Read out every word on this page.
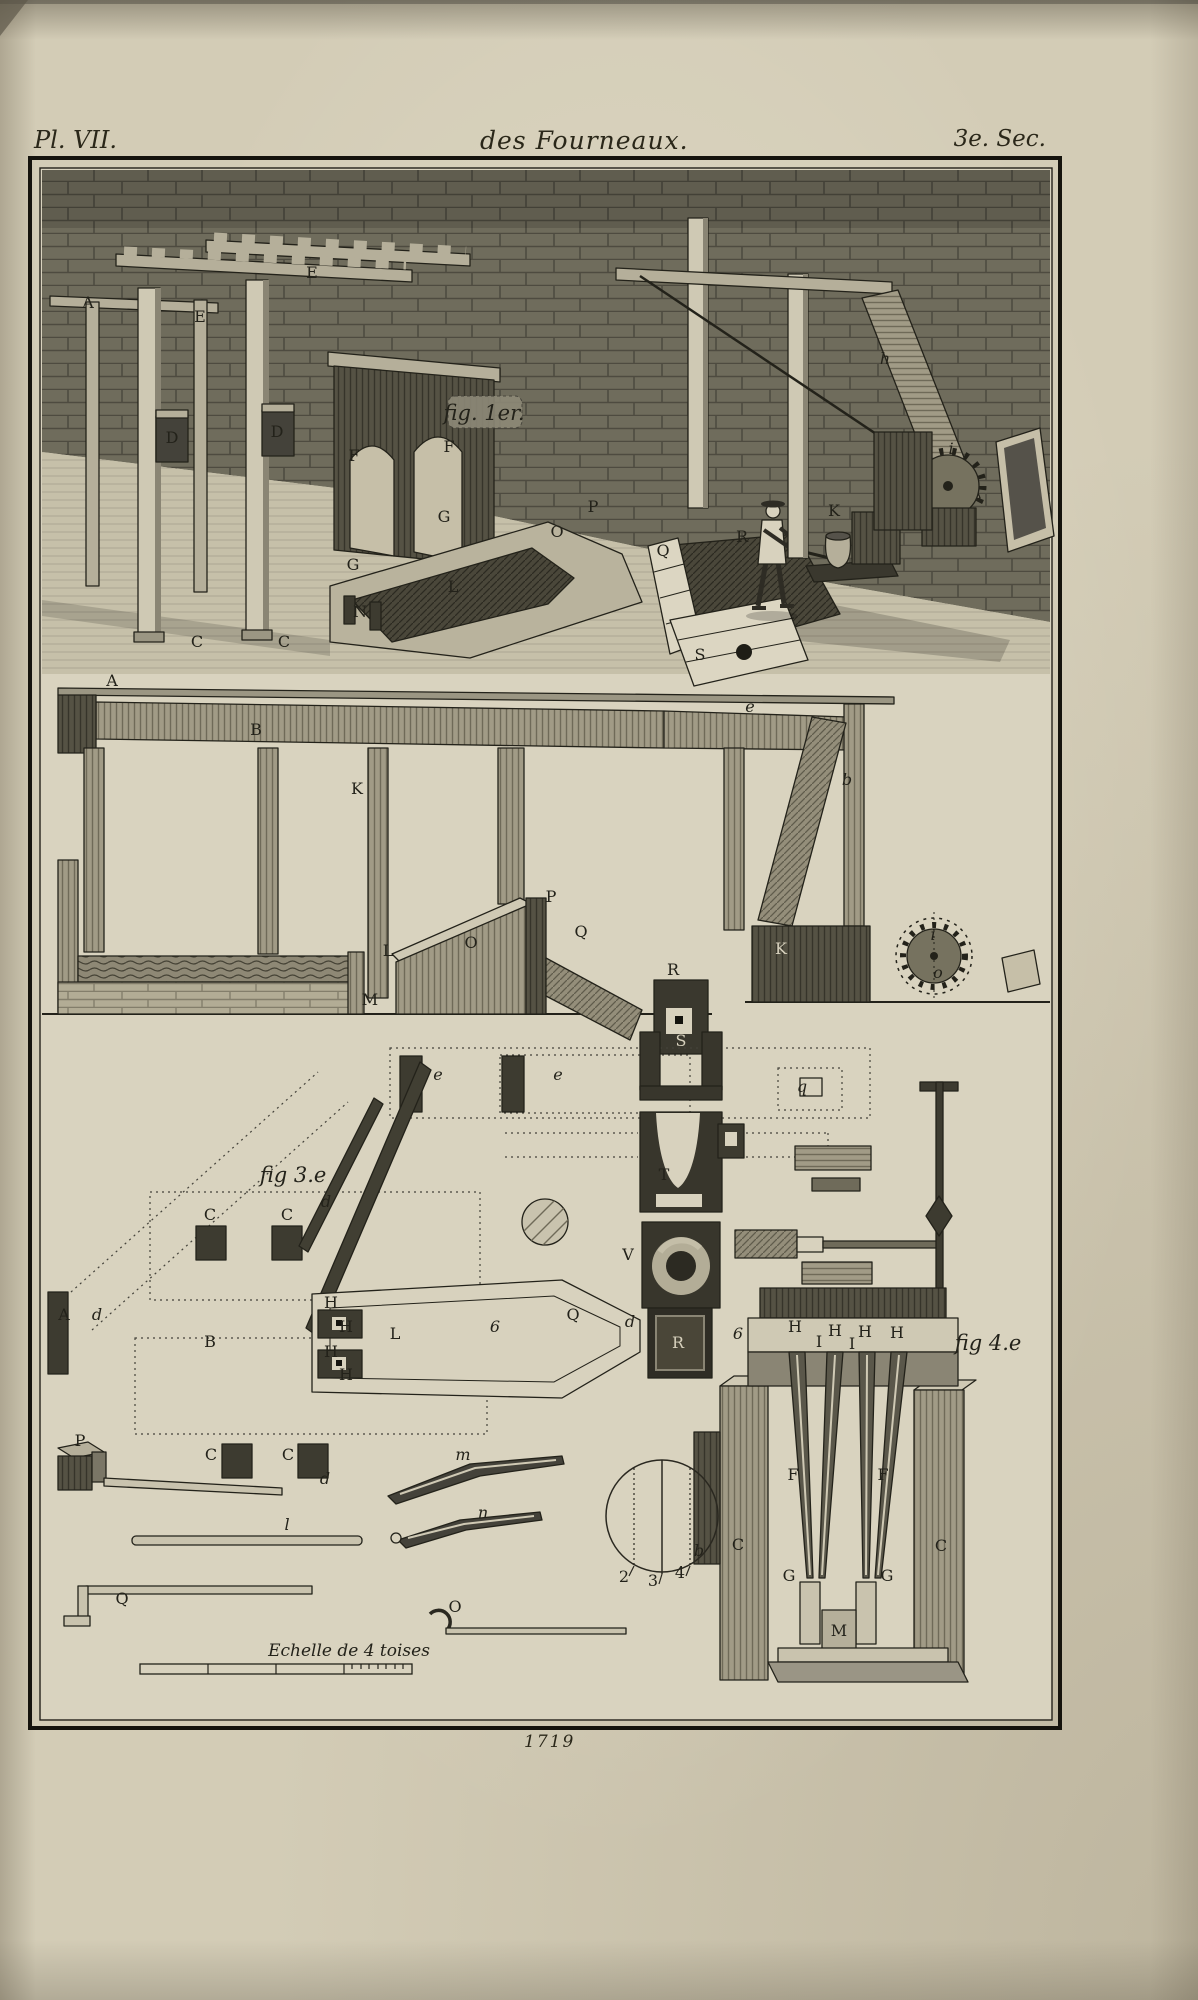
Pl. VII.	des Fourneaux.	3e. Sec.
1719
Echelle de 4 toises
A
E
E
D	D
F	F
G
G
P
O
Q
R
K
S
N
L
C	C
h
i
A
B
e
b
K
L	O
P
Q
R
S
M
K
i
o
e	e
q
T
V
C	C
d
A d
B
H
H
H
H
L	6
Q	d
R	6
C	C
d
P
m
n
l
Q	O
2 3 4
b
H H H H
I I
F	F
C	C
G	G
M
fig. 1er.
fig 3.e
fig 4.e
